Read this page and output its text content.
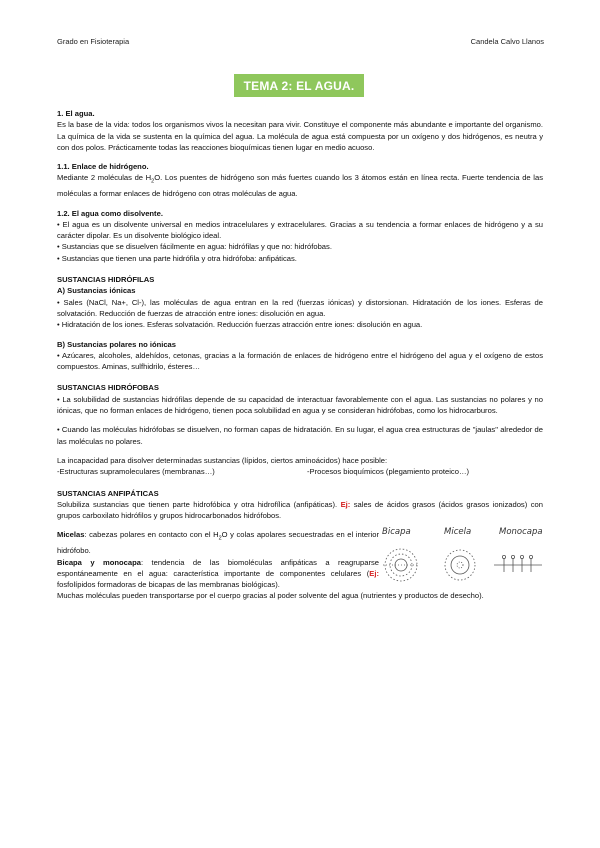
Grado en Fisioterapia	Candela Calvo Llanos
TEMA 2: EL AGUA.

1. El agua.

Es la base de la vida: todos los organismos vivos la necesitan para vivir. Constituye el componente más abundante e importante del organismo. La química de la vida se sustenta en la química del agua. La molécula de agua está compuesta por un oxígeno y dos hidrógenos, es neutra y con dos polos. Prácticamente todas las reacciones bioquímicas tienen lugar en medio acuoso.

1.1. Enlace de hidrógeno.

Mediante 2 moléculas de $H_2O$. Los puentes de hidrógeno son más fuertes cuando los 3 átomos están en línea recta. Fuerte tendencia de las moléculas a formar enlaces de hidrógeno con otras moléculas de agua.

1.2. El agua como disolvente.

• El agua es un disolvente universal en medios intracelulares y extracelulares. Gracias a su tendencia a formar enlaces de hidrógeno y a su carácter dipolar. Es un disolvente biológico ideal.

• Sustancias que se disuelven fácilmente en agua: hidrófilas y que no: hidrófobas.

• Sustancias que tienen una parte hidrófila y otra hidrófoba: anfipáticas.

SUSTANCIAS HIDRÓFILAS

A) Sustancias iónicas

• Sales (NaCl, Na+, Cl-), las moléculas de agua entran en la red (fuerzas iónicas) y distorsionan. Hidratación de los iones. Esferas de solvatación. Reducción de fuerzas de atracción entre iones: disolución en agua.

• Hidratación de los iones. Esferas solvatación. Reducción fuerzas atracción entre iones: disolución en agua.

B) Sustancias polares no iónicas

• Azúcares, alcoholes, aldehídos, cetonas, gracias a la formación de enlaces de hidrógeno entre el hidrógeno del agua y el oxígeno de estos compuestos. Aminas, sulfhidrilo, ésteres…

SUSTANCIAS HIDRÓFOBAS

• La solubilidad de sustancias hidrófilas depende de su capacidad de interactuar favorablemente con el agua. Las sustancias no polares y no iónicas, que no forman enlaces de hidrógeno, tienen poca solubilidad en agua y se consideran hidrófobas, como los hidrocarburos.

• Cuando las moléculas hidrófobas se disuelven, no forman capas de hidratación. En su lugar, el agua crea estructuras de "jaulas" alrededor de las moléculas no polares.

La incapacidad para disolver determinadas sustancias (lípidos, ciertos aminoácidos) hace posible:

-Estructuras supramoleculares (membranas…)	-Procesos bioquímicos (plegamiento proteico…)

SUSTANCIAS ANFIPÁTICAS

Solubiliza sustancias que tienen parte hidrofóbica y otra hidrofílica (anfipáticas). Ej: sales de ácidos grasos (ácidos grasos ionizados) con grupos carboxilato hidrófilos y grupos hidrocarbonados hidrófobos.

Micelas: cabezas polares en contacto con el $H_2O$ y colas apolares secuestradas en el interior hidrófobo.

Bicapa y monocapa: tendencia de las biomoléculas anfipáticas a reagruparse espontáneamente en el agua: característica importante de componentes celulares (Ej: fosfolípidos formadoras de bicapas de las membranas biológicas).

Bicapa	Micela	Monocapa

Muchas moléculas pueden transportarse por el cuerpo gracias al poder solvente del agua (nutrientes y productos de desecho).
